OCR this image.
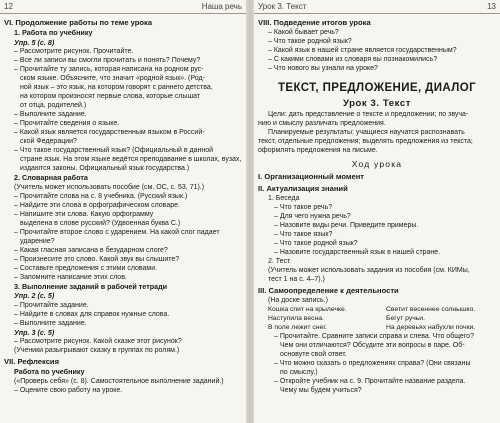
12	Наша речь
VI. Продолжение работы по теме урока
1. Работа по учебнику
Упр. 5 (с. 8)
– Рассмотрите рисунок. Прочитайте.
– Все ли записи вы смогли прочитать и понять? Почему?
– Прочитайте ту запись, которая написана на родном рус-
ском языке. Объясните, что значит «родной язык». (Род-
ной язык – это язык, на котором говорят с раннего детства,
на котором произносят первые слова, которые слышат
от отца, родителей.)
– Выполните задание.
– Прочитайте сведения о языке.
– Какой язык является государственным языком в Россий-
ской Федерации?
– Что такое государственный язык? (Официальный в данной
стране язык. На этом языке ведётся преподавание в школах, вузах,
издаются законы. Официальный язык государства.)
2. Словарная работа
(Учитель может использовать пособие (см. ОС, с. 53, 71).)
– Прочитайте слова на с. 8 учебника. (Русский язык.)
– Найдите эти слова в орфографическом словаре.
– Напишите эти слова. Какую орфограмму
выделена в слове русский? (Удвоенная буква С.)
– Прочитайте второе слово с ударением. На какой слог падает
ударение?
– Какая гласная записана в безударном слоге?
– Произнесите это слово. Какой звук вы слышите?
– Составьте предложения с этими словами.
– Запомните написание этих слов.
3. Выполнение заданий в рабочей тетради
Упр. 2 (с. 5)
– Прочитайте задание.
– Найдите в словах для справок нужные слова.
– Выполните задание.
Упр. 3 (с. 5)
– Рассмотрите рисунок. Какой сказке этот рисунок?
(Ученики разыгрывают сказку в группах по ролям.)
VII. Рефлексия
Работа по учебнику
(«Проверь себя» (с. 8). Самостоятельное выполнение заданий.)
– Оцените свою работу на уроке.
Урок 3. Текст	13
VIII. Подведение итогов урока
– Какой бывает речь?
– Что такое родной язык?
– Какой язык в нашей стране является государственным?
– С какими словами из словаря вы познакомились?
– Что нового вы узнали на уроке?
ТЕКСТ, ПРЕДЛОЖЕНИЕ, ДИАЛОГ
Урок 3. Текст
Цели: дать представление о тексте и предложении; по звуча-
нию и смыслу различать предложения.
Планируемые результаты: учащиеся научатся распознавать
текст, отдельные предложения; выделять предложения из текста;
оформлять предложения на письме.
Ход урока
I. Организационный момент
II. Актуализация знаний
1. Беседа
– Что такое речь?
– Для чего нужна речь?
– Назовите виды речи. Приведите примеры.
– Что такое язык?
– Что такое родной язык?
– Назовите государственный язык в нашей стране.
2. Тест
(Учитель может использовать задания из пособия (см. КИМы,
тест 1 на с. 4–7).)
III. Самоопределение к деятельности
(На доске запись.)
Кошка спит на крылечке.	Светит весеннее солнышко.
Наступила весна.	Бегут ручьи.
В поле лежит снег.	На деревьях набухли почки.
– Прочитайте. Сравните записи справа и слева. Что общего?
Чем они отличаются? Обсудите эти вопросы в паре. Об-
основуте свой ответ.
– Что можно сказать о предложениях справа? (Они связаны
по смыслу.)
– Откройте учебник на с. 9. Прочитайте название раздела.
Чему мы будем учиться?
